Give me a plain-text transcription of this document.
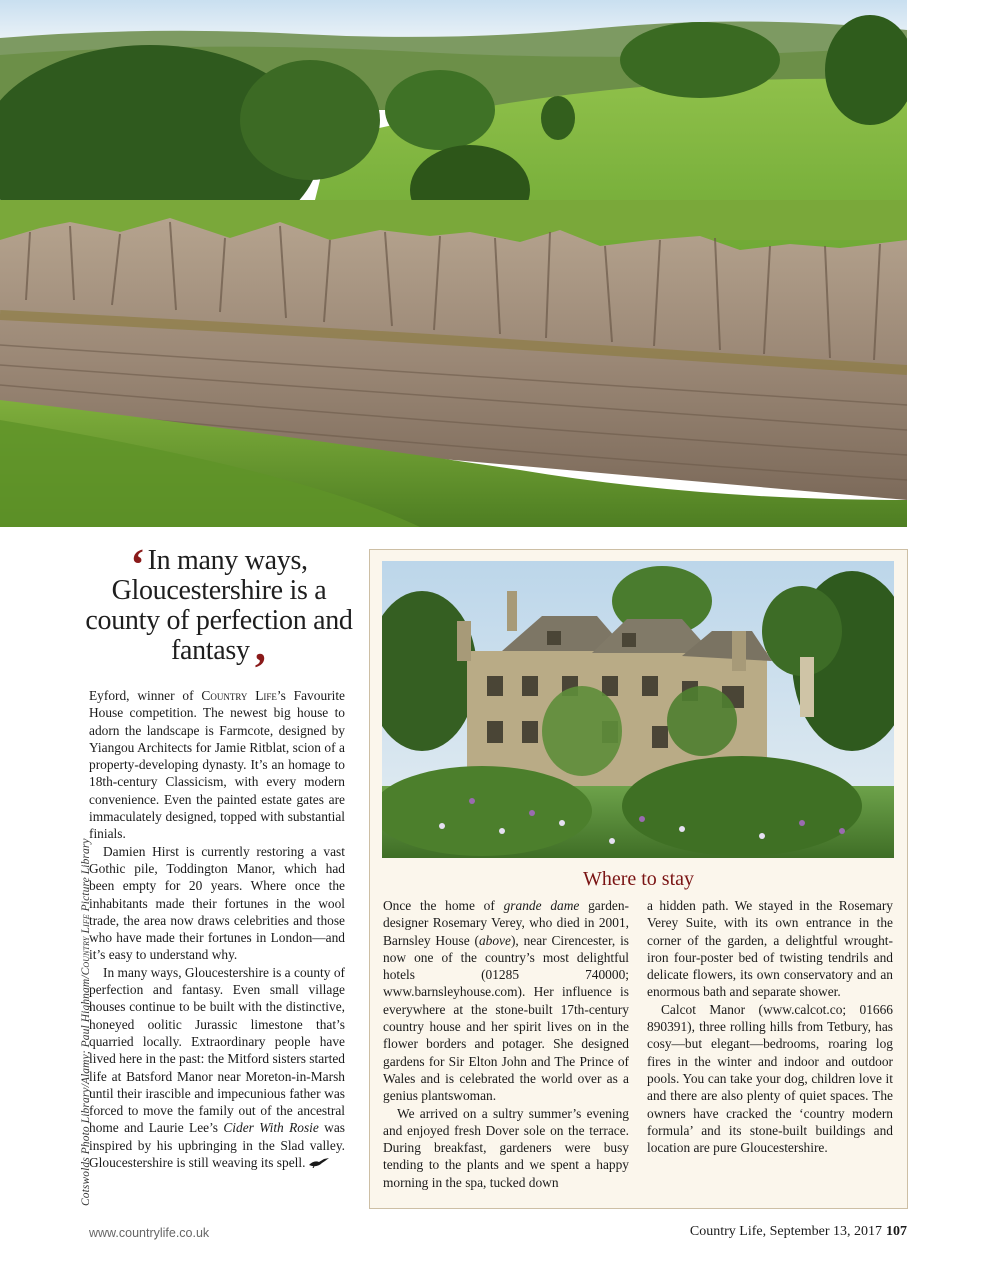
Cotswolds Photo Library/Alamy; Paul Highnam/Country Life Picture Library
‘ In many ways, Gloucestershire is a county of perfection and fantasy’

Eyford, winner of Country Life’s Favourite House competition. The newest big house to adorn the landscape is Farmcote, designed by Yiangou Architects for Jamie Ritblat, scion of a property-developing dynasty. It’s an homage to 18th-century Classicism, with every modern convenience. Even the painted estate gates are immaculately designed, topped with substantial finials.

Damien Hirst is currently restoring a vast Gothic pile, Toddington Manor, which had been empty for 20 years. Where once the inhabitants made their fortunes in the wool trade, the area now draws celebrities and those who have made their fortunes in London—and it’s easy to understand why.

In many ways, Gloucestershire is a county of perfection and fantasy. Even small village houses continue to be built with the distinctive, honeyed oolitic Jurassic limestone that’s quarried locally. Extraordinary people have lived here in the past: the Mitford sisters started life at Batsford Manor near Moreton-in-Marsh until their irascible and impecunious father was forced to move the family out of the ancestral home and Laurie Lee’s Cider With Rosie was inspired by his upbringing in the Slad valley. Gloucestershire is still weaving its spell.

Where to stay

Once the home of grande dame garden-designer Rosemary Verey, who died in 2001, Barnsley House (above), near Cirencester, is now one of the country’s most delightful hotels (01285 740000; www.barnsleyhouse.com). Her influence is everywhere at the stone-built 17th-century country house and her spirit lives on in the flower borders and potager. She designed gardens for Sir Elton John and The Prince of Wales and is celebrated the world over as a genius plantswoman.

We arrived on a sultry summer’s evening and enjoyed fresh Dover sole on the terrace. During breakfast, gardeners were busy tending to the plants and we spent a happy morning in the spa, tucked down

a hidden path. We stayed in the Rosemary Verey Suite, with its own entrance in the corner of the garden, a delightful wrought-iron four-poster bed of twisting tendrils and delicate flowers, its own conservatory and an enormous bath and separate shower.

Calcot Manor (www.calcot.co; 01666 890391), three rolling hills from Tetbury, has cosy—but elegant—bedrooms, roaring log fires in the winter and indoor and outdoor pools. You can take your dog, children love it and there are also plenty of quiet spaces. The owners have cracked the ‘country modern formula’ and its stone-built buildings and location are pure Gloucestershire.

www.countrylife.co.uk	Country Life, September 13, 2017 107
